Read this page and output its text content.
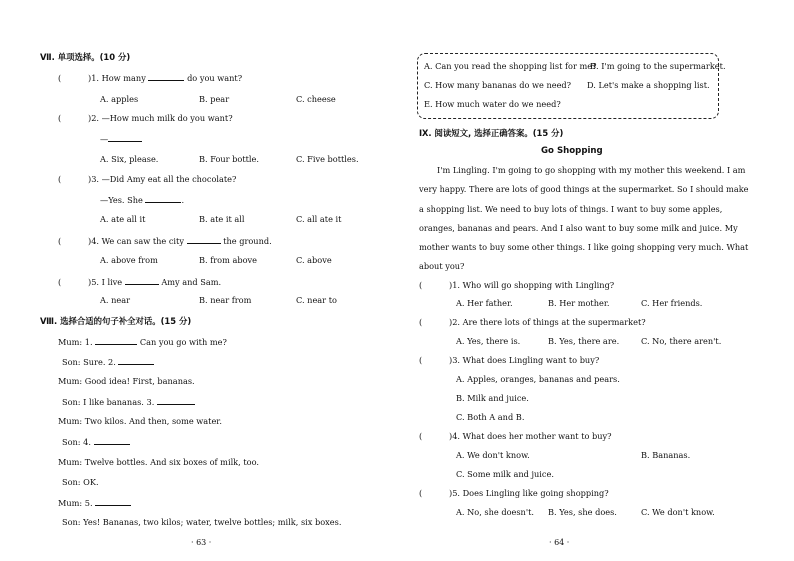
Ⅶ. 单项选择。(10 分)
(	)1. How many	do you want?
A. apples	B. pear	C. cheese
(	)2. —How much milk do you want?
—
A. Six, please.	B. Four bottle.	C. Five bottles.
(	)3. —Did Amy eat all the chocolate?
—Yes. She	.
A. ate all it	B. ate it all	C. all ate it
(	)4. We can saw the city	the ground.
A. above from	B. from above	C. above
(	)5. I live	Amy and Sam.
A. near	B. near from	C. near to
Ⅷ. 选择合适的句子补全对话。(15 分)
Mum: 1.	Can you go with me?
Son: Sure. 2.
Mum: Good idea! First, bananas.
Son: I like bananas. 3.
Mum: Two kilos. And then, some water.
Son: 4.
Mum: Twelve bottles. And six boxes of milk, too.
Son: OK.
Mum: 5.
Son: Yes! Bananas, two kilos; water, twelve bottles; milk, six boxes.
· 63 ·
A. Can you read the shopping list for me?
B. I'm going to the supermarket.
C. How many bananas do we need? D. Let's make a shopping list.
E. How much water do we need?
Ⅸ. 阅读短文, 选择正确答案。(15 分)
Go Shopping
I'm Lingling. I'm going to go shopping with my mother this weekend. I am
very happy. There are lots of good things at the supermarket. So I should make
a shopping list. We need to buy lots of things. I want to buy some apples,
oranges, bananas and pears. And I also want to buy some milk and juice. My
mother wants to buy some other things. I like going shopping very much. What
about you?
(	)1. Who will go shopping with Lingling?
A. Her father.	B. Her mother.	C. Her friends.
(	)2. Are there lots of things at the supermarket?
A. Yes, there is.	B. Yes, there are.	C. No, there aren't.
(	)3. What does Lingling want to buy?
A. Apples, oranges, bananas and pears.
B. Milk and juice.
C. Both A and B.
(	)4. What does her mother want to buy?
A. We don't know.	B. Bananas.
C. Some milk and juice.
(	)5. Does Lingling like going shopping?
A. No, she doesn't. B. Yes, she does.	C. We don't know.
· 64 ·
